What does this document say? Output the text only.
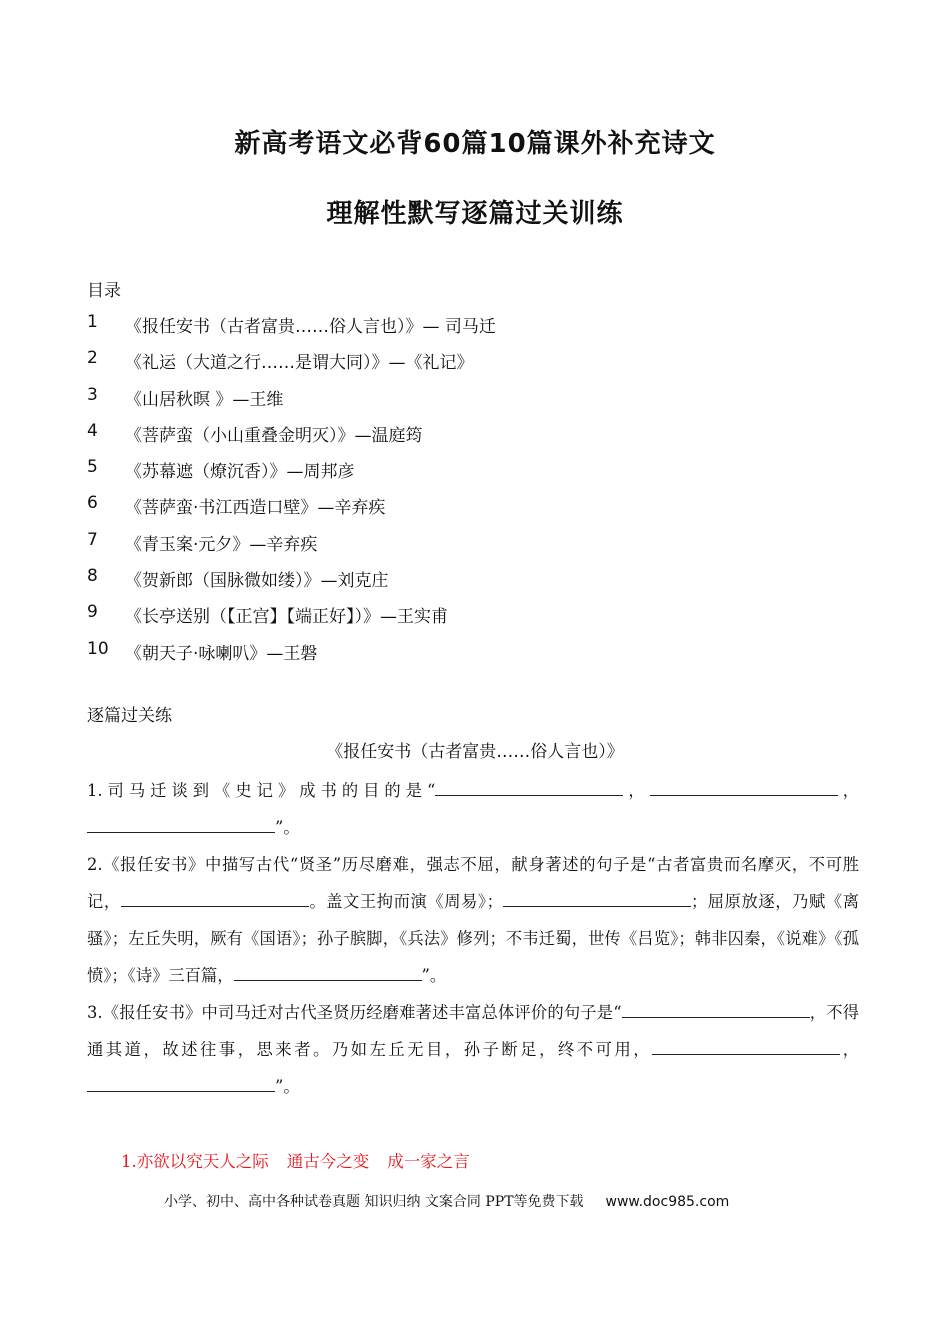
新高考语文必背60篇10篇课外补充诗文
理解性默写逐篇过关训练
目录
1	《报任安书（古者富贵……俗人言也）》— 司马迁
2	《礼运（大道之行……是谓大同）》—《礼记》
3	《山居秋暝 》—王维
4	《菩萨蛮（小山重叠金明灭）》—温庭筠
5	《苏幕遮（燎沉香）》—周邦彦
6	《菩萨蛮·书江西造口壁》—辛弃疾
7	《青玉案·元夕》—辛弃疾
8	《贺新郎（国脉微如缕）》—刘克庄
9	《长亭送别（【正宫】【端正好】）》—王实甫
10 《朝天子·咏喇叭》—王磐
逐篇过关练
《报任安书（古者富贵……俗人言也）》

1.司马迁谈到《史记》成书的目的是“	，	，”。

2.《报任安书》中描写古代“贤圣”历尽磨难，强志不屈，献身著述的句子是“古者富贵而名摩灭，不可胜记，	。盖文王拘而演《周易》；	；屈原放逐，乃赋《离骚》；左丘失明，厥有《国语》；孙子膑脚，《兵法》修列；不韦迁蜀，世传《吕览》；韩非囚秦，《说难》《孤愤》；《诗》三百篇，	”。

3.《报任安书》中司马迁对古代圣贤历经磨难著述丰富总体评价的句子是“	，不得通其道，故述往事，思来者。乃如左丘无目，孙子断足，终不可用，	，”。

1.亦欲以究天人之际 通古今之变 成一家之言
小学、初中、高中各种试卷真题 知识归纳 文案合同 PPT等免费下载 www.doc985.com
